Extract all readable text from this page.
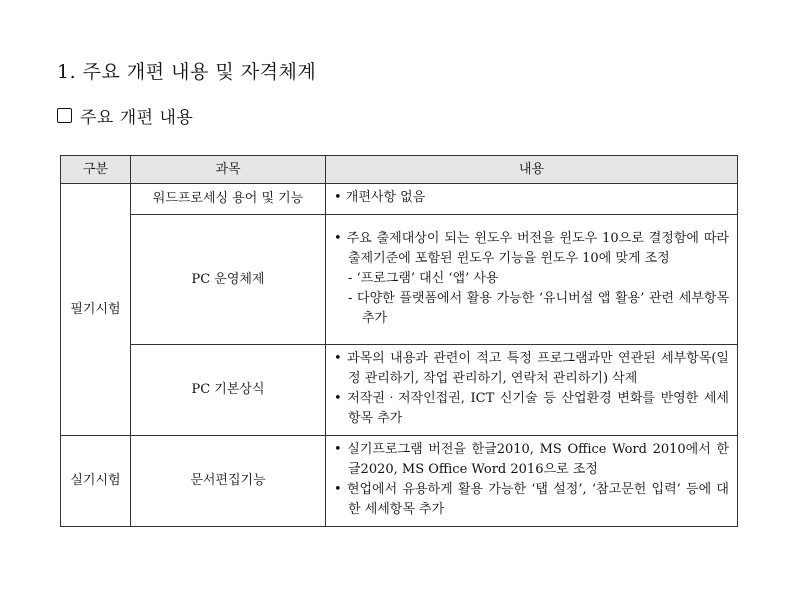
1. 주요 개편 내용 및 자격체계
주요 개편 내용
구분	과목	내용
필기시험	워드프로세싱 용어 및 기능	• 개편사항 없음

	PC 운영체제	• 주요 출제대상이 되는 윈도우 버전을 윈도우 10으로 결정함에 따라 출제기준에 포함된 윈도우 기능을 윈도우 10에 맞게 조정
- ‘프로그램’ 대신 ‘앱’ 사용
- 다양한 플랫폼에서 활용 가능한 ‘유니버설 앱 활용’ 관련 세부항목 추가

	PC 기본상식	• 과목의 내용과 관련이 적고 특정 프로그램과만 연관된 세부항목(일정 관리하기, 작업 관리하기, 연락처 관리하기) 삭제
• 저작권‧저작인접권, ICT 신기술 등 산업환경 변화를 반영한 세세항목 추가

실기시험	문서편집기능	• 실기프로그램 버전을 한글2010, MS Office Word 2010에서 한글2020, MS Office Word 2016으로 조정
• 현업에서 유용하게 활용 가능한 ‘탭 설정’, ‘참고문헌 입력’ 등에 대한 세세항목 추가
